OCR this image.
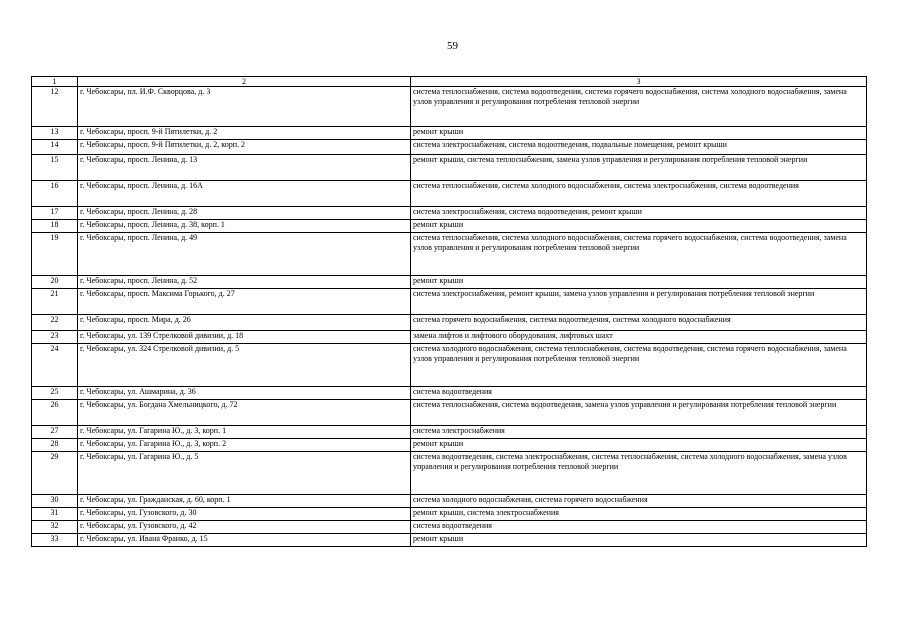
59
1	2	3
12	г. Чебоксары, пл. И.Ф. Скворцова, д. 3	система теплоснабжения, система водоотведения, система горячего водоснабжения, система холодного водоснабжения, замена узлов управления и регулирования потребления тепловой энергии
13	г. Чебоксары, просп. 9-й Пятилетки, д. 2	ремонт крыши
14	г. Чебоксары, просп. 9-й Пятилетки, д. 2, корп. 2	система электроснабжения, система водоотведения, подвальные помещения, ремонт крыши
15	г. Чебоксары, просп. Ленина, д. 13	ремонт крыши, система теплоснабжения, замена узлов управления и регулирования потребления тепловой энергии
16	г. Чебоксары, просп. Ленина, д. 16А	система теплоснабжения, система холодного водоснабжения, система электроснабжения, система водоотведения
17	г. Чебоксары, просп. Ленина, д. 28	система электроснабжения, система водоотведения, ремонт крыши
18	г. Чебоксары, просп. Ленина, д. 38, корп. 1	ремонт крыши
19	г. Чебоксары, просп. Ленина, д. 49	система теплоснабжения, система холодного водоснабжения, система горячего водоснабжения, система водоотведения, замена узлов управления и регулирования потребления тепловой энергии
20	г. Чебоксары, просп. Ленина, д. 52	ремонт крыши
21	г. Чебоксары, просп. Максима Горького, д. 27	система электроснабжения, ремонт крыши, замена узлов управления и регулирования потребления тепловой энергии
22	г. Чебоксары, просп. Мира, д. 26	система горячего водоснабжения, система водоотведения, система холодного водоснабжения
23	г. Чебоксары, ул. 139 Стрелковой дивизии, д. 18	замена лифтов и лифтового оборудования, лифтовых шахт
24	г. Чебоксары, ул. 324 Стрелковой дивизии, д. 5	система холодного водоснабжения, система теплоснабжения, система водоотведения, система горячего водоснабжения, замена узлов управления и регулирования потребления тепловой энергии
25	г. Чебоксары, ул. Ашмарина, д. 36	система водоотведения
26	г. Чебоксары, ул. Богдана Хмельницкого, д. 72	система теплоснабжения, система водоотведения, замена узлов управления и регулирования потребления тепловой энергии
27	г. Чебоксары, ул. Гагарина Ю., д. 3, корп. 1	система электроснабжения
28	г. Чебоксары, ул. Гагарина Ю., д. 3, корп. 2	ремонт крыши
29	г. Чебоксары, ул. Гагарина Ю., д. 5	система водоотведения, система электроснабжения, система теплоснабжения, система холодного водоснабжения, замена узлов управления и регулирования потребления тепловой энергии
30	г. Чебоксары, ул. Гражданская, д. 60, корп. 1	система холодного водоснабжения, система горячего водоснабжения
31	г. Чебоксары, ул. Гузовского, д. 30	ремонт крыши, система электроснабжения
32	г. Чебоксары, ул. Гузовского, д. 42	система водоотведения
33	г. Чебоксары, ул. Ивана Франко, д. 15	ремонт крыши
